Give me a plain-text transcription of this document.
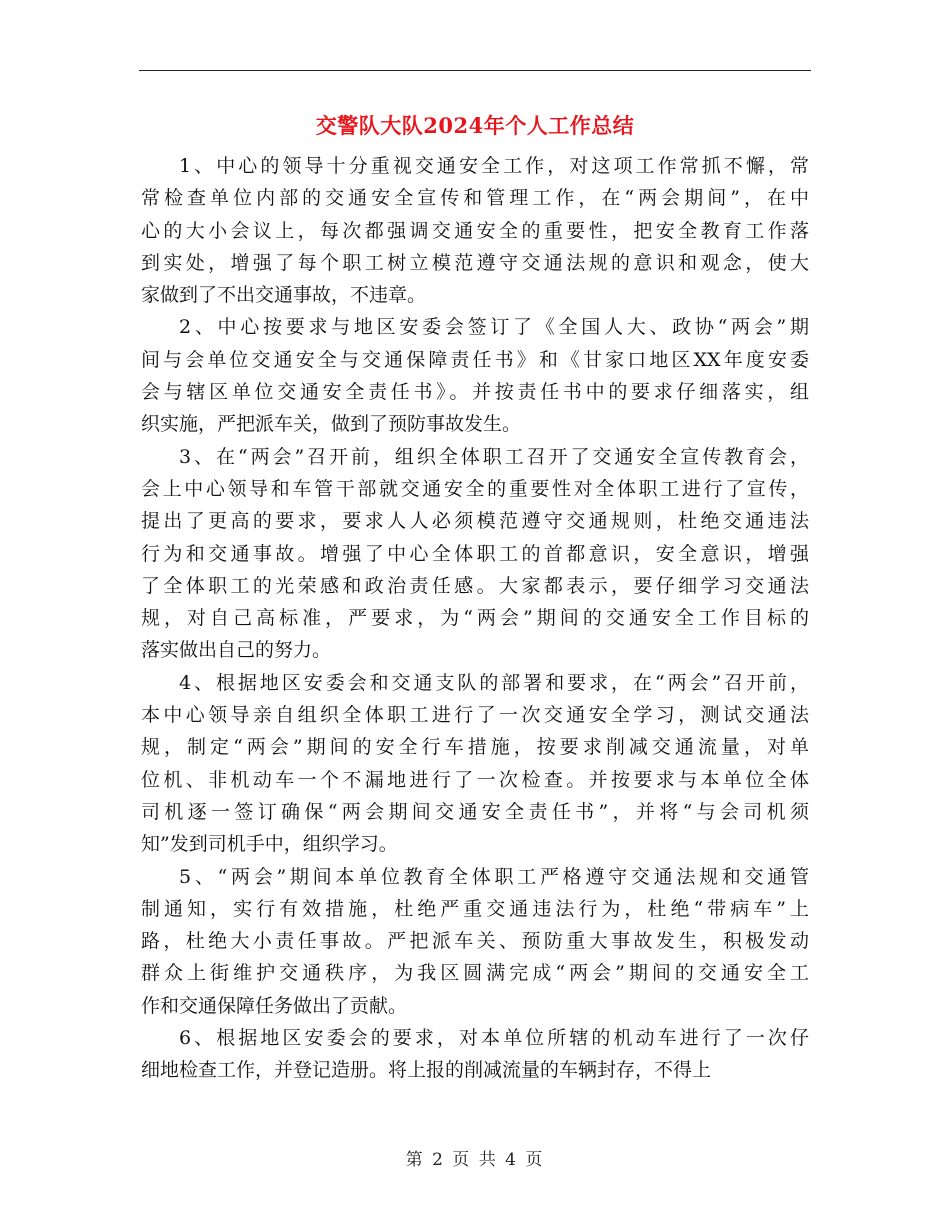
交警队大队2024年个人工作总结
1、中心的领导十分重视交通安全工作，对这项工作常抓不懈，常
常检查单位内部的交通安全宣传和管理工作，在“两会期间”，在中
心的大小会议上，每次都强调交通安全的重要性，把安全教育工作落
到实处，增强了每个职工树立模范遵守交通法规的意识和观念，使大
家做到了不出交通事故，不违章。
2、中心按要求与地区安委会签订了《全国人大、政协“两会”期
间与会单位交通安全与交通保障责任书》和《甘家口地区XX年度安委
会与辖区单位交通安全责任书》。并按责任书中的要求仔细落实，组
织实施，严把派车关，做到了预防事故发生。
3、在“两会”召开前，组织全体职工召开了交通安全宣传教育会，
会上中心领导和车管干部就交通安全的重要性对全体职工进行了宣传，
提出了更高的要求，要求人人必须模范遵守交通规则，杜绝交通违法
行为和交通事故。增强了中心全体职工的首都意识，安全意识，增强
了全体职工的光荣感和政治责任感。大家都表示，要仔细学习交通法
规，对自己高标准，严要求，为“两会”期间的交通安全工作目标的
落实做出自己的努力。
4、根据地区安委会和交通支队的部署和要求，在“两会”召开前，
本中心领导亲自组织全体职工进行了一次交通安全学习，测试交通法
规，制定“两会”期间的安全行车措施，按要求削减交通流量，对单
位机、非机动车一个不漏地进行了一次检查。并按要求与本单位全体
司机逐一签订确保“两会期间交通安全责任书”，并将“与会司机须
知”发到司机手中，组织学习。
5、“两会”期间本单位教育全体职工严格遵守交通法规和交通管
制通知，实行有效措施，杜绝严重交通违法行为，杜绝“带病车”上
路，杜绝大小责任事故。严把派车关、预防重大事故发生，积极发动
群众上街维护交通秩序，为我区圆满完成“两会”期间的交通安全工
作和交通保障任务做出了贡献。
6、根据地区安委会的要求，对本单位所辖的机动车进行了一次仔
细地检查工作，并登记造册。将上报的削减流量的车辆封存，不得上
第 2 页 共 4 页
